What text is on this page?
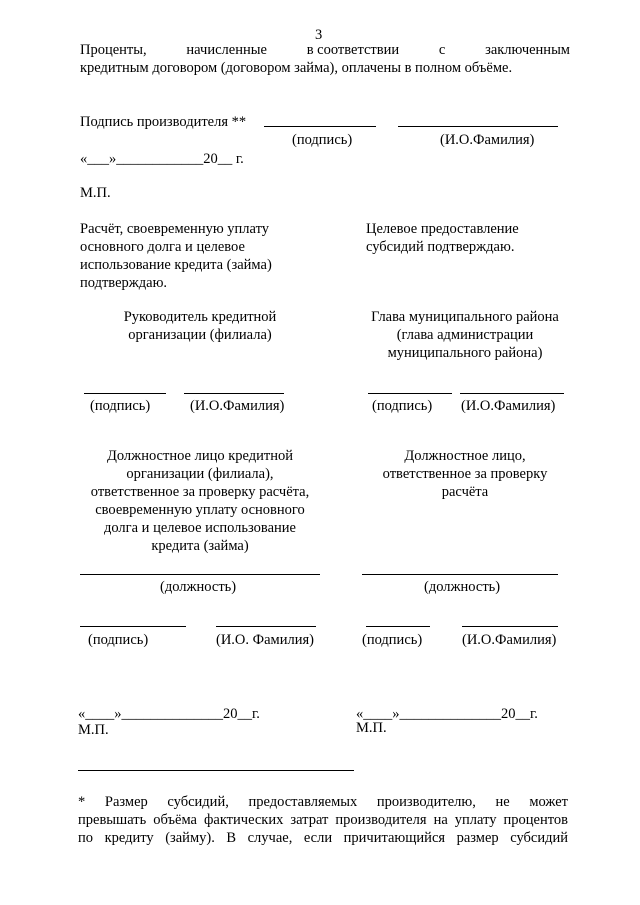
3
Проценты,	начисленные	в соответствии	с	заключенным
кредитным договором (договором займа), оплачены в полном объёме.
Подпись производителя **
(подпись)	(И.О.Фамилия)
«___»____________20__ г.
М.П.
Расчёт, своевременную уплату
основного долга и целевое
использование кредита (займа)
подтверждаю.
Целевое предоставление
субсидий подтверждаю.
Руководитель кредитной
организации (филиала)
(подпись)	(И.О.Фамилия)
Глава муниципального района
(глава администрации
муниципального района)
(подпись) (И.О.Фамилия)
Должностное лицо кредитной
организации (филиала),
ответственное за проверку расчёта,
своевременную уплату основного
долга и целевое использование
кредита (займа)
(должность)
(подпись)	(И.О. Фамилия)
«____»______________20__г.
М.П.
Должностное лицо,
ответственное за проверку
расчёта
(должность)
(подпись)	(И.О.Фамилия)
«____»______________20__г.
М.П.
* Размер субсидий, предоставляемых производителю, не может
превышать объёма фактических затрат производителя на уплату процентов
по кредиту (займу). В случае, если причитающийся размер субсидий
